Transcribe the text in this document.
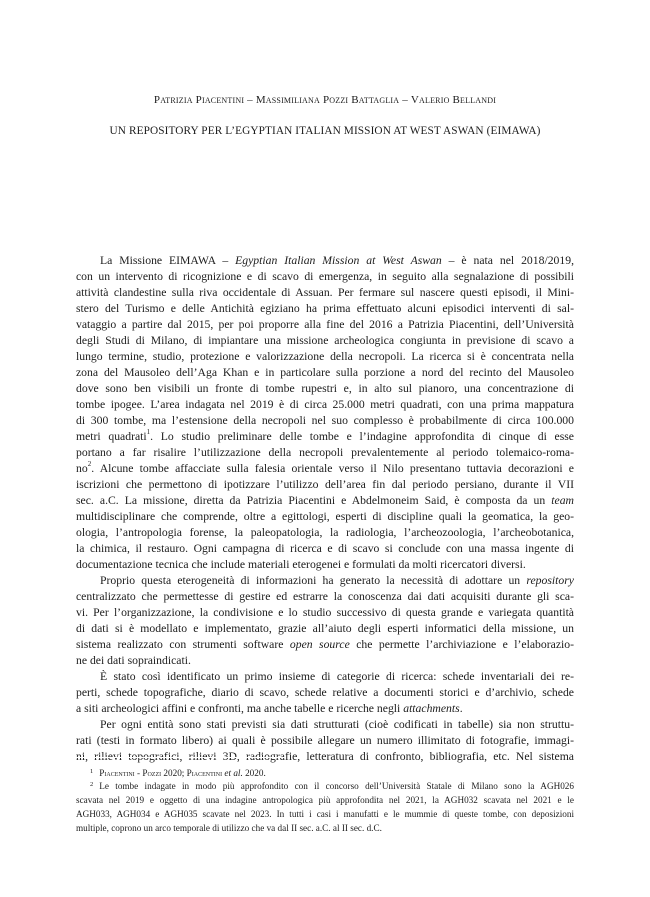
Patrizia Piacentini – Massimiliana Pozzi Battaglia – Valerio Bellandi
UN REPOSITORY PER L’EGYPTIAN ITALIAN MISSION AT WEST ASWAN (EIMAWA)
La Missione EIMAWA – Egyptian Italian Mission at West Aswan – è nata nel 2018/2019,
con un intervento di ricognizione e di scavo di emergenza, in seguito alla segnalazione di possibili
attività clandestine sulla riva occidentale di Assuan. Per fermare sul nascere questi episodi, il Mini-
stero del Turismo e delle Antichità egiziano ha prima effettuato alcuni episodici interventi di sal-
vataggio a partire dal 2015, per poi proporre alla fine del 2016 a Patrizia Piacentini, dell’Università
degli Studi di Milano, di impiantare una missione archeologica congiunta in previsione di scavo a
lungo termine, studio, protezione e valorizzazione della necropoli. La ricerca si è concentrata nella
zona del Mausoleo dell’Aga Khan e in particolare sulla porzione a nord del recinto del Mausoleo
dove sono ben visibili un fronte di tombe rupestri e, in alto sul pianoro, una concentrazione di
tombe ipogee. L’area indagata nel 2019 è di circa 25.000 metri quadrati, con una prima mappatura
di 300 tombe, ma l’estensione della necropoli nel suo complesso è probabilmente di circa 100.000
metri quadrati$^1$. Lo studio preliminare delle tombe e l’indagine approfondita di cinque di esse
portano a far risalire l’utilizzazione della necropoli prevalentemente al periodo tolemaico-roma-
$no^2$. Alcune tombe affacciate sulla falesia orientale verso il Nilo presentano tuttavia decorazioni e
iscrizioni che permettono di ipotizzare l’utilizzo dell’area fin dal periodo persiano, durante il VII
sec. a.C. La missione, diretta da Patrizia Piacentini e Abdelmoneim Said, è composta da un team
multidisciplinare che comprende, oltre a egittologi, esperti di discipline quali la geomatica, la geo-
ologia, l’antropologia forense, la paleopatologia, la radiologia, l’archeozoologia, l’archeobotanica,
la chimica, il restauro. Ogni campagna di ricerca e di scavo si conclude con una massa ingente di
documentazione tecnica che include materiali eterogenei e formulati da molti ricercatori diversi.
Proprio questa eterogeneità di informazioni ha generato la necessità di adottare un repository
centralizzato che permettesse di gestire ed estrarre la conoscenza dai dati acquisiti durante gli sca-
vi. Per l’organizzazione, la condivisione e lo studio successivo di questa grande e variegata quantità
di dati si è modellato e implementato, grazie all’aiuto degli esperti informatici della missione, un
sistema realizzato con strumenti software open source che permette l’archiviazione e l’elaborazio-
ne dei dati sopraindicati.
È stato così identificato un primo insieme di categorie di ricerca: schede inventariali dei re-
perti, schede topografiche, diario di scavo, schede relative a documenti storici e d’archivio, schede
a siti archeologici affini e confronti, ma anche tabelle e ricerche negli attachments.
Per ogni entità sono stati previsti sia dati strutturati (cioè codificati in tabelle) sia non struttu-
rati (testi in formato libero) ai quali è possibile allegare un numero illimitato di fotografie, immagi-
ni, rilievi topografici, rilievi 3D, radiografie, letteratura di confronto, bibliografia, etc. Nel sistema
$^1$ Piacentini - Pozzi 2020; Piacentini et al. 2020.
$^2$ Le tombe indagate in modo più approfondito con il concorso dell’Università Statale di Milano sono la AGH026
scavata nel 2019 e oggetto di una indagine antropologica più approfondita nel 2021, la AGH032 scavata nel 2021 e le
AGH033, AGH034 e AGH035 scavate nel 2023. In tutti i casi i manufatti e le mummie di queste tombe, con deposizioni
multiple, coprono un arco temporale di utilizzo che va dal II sec. a.C. al II sec. d.C.
